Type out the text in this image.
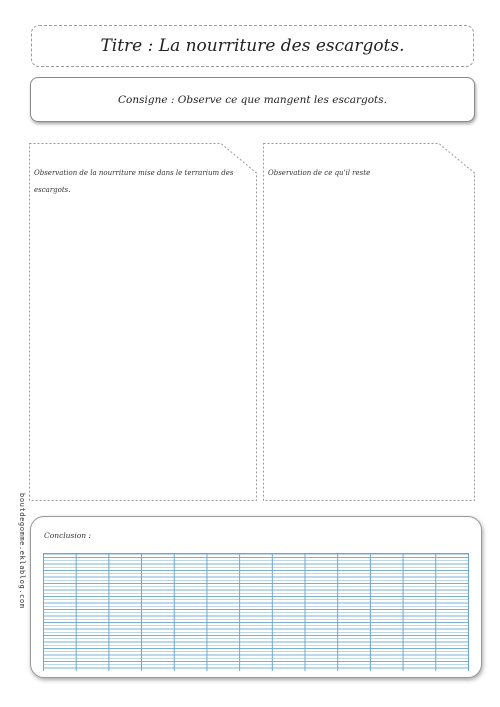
Titre : La nourriture des escargots.
Consigne : Observe ce que mangent les escargots.
Observation de la nourriture mise dans le terrarium des escargots.
Observation de ce qu'il reste
boutdegomme.eklablog.com Conclusion :
